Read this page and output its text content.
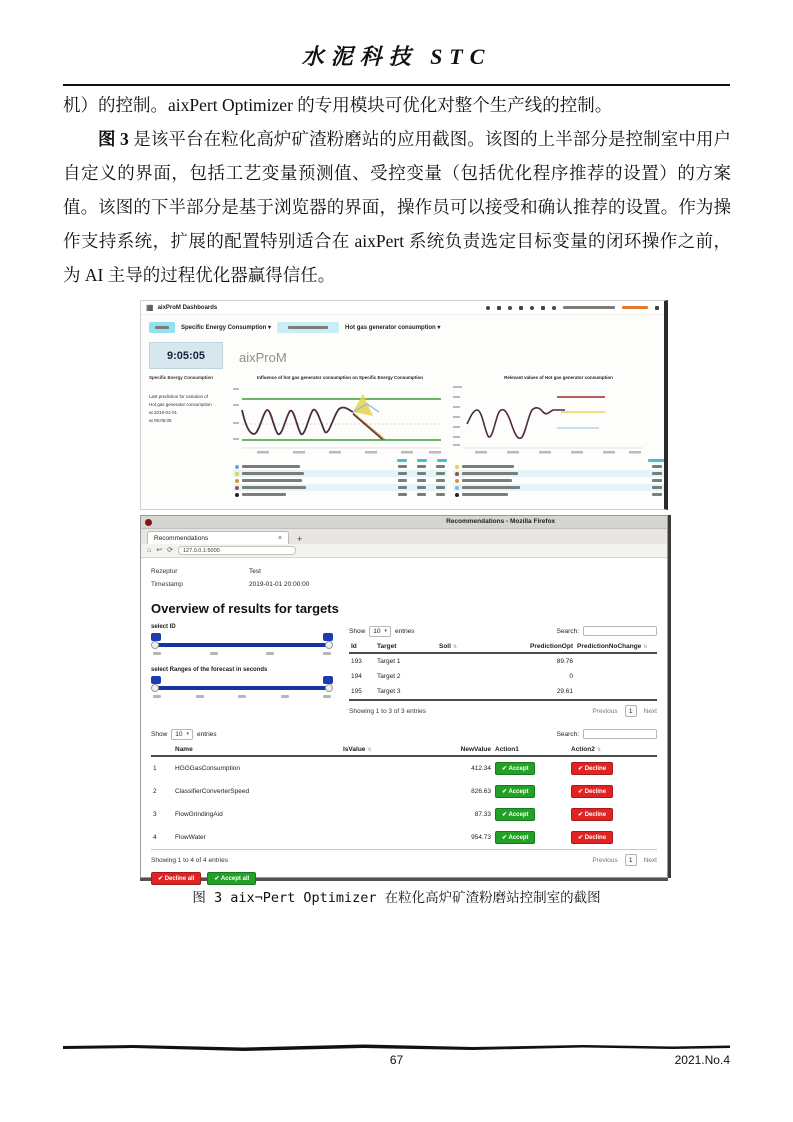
水泥科技 STC

机）的控制。aixPert Optimizer 的专用模块可优化对整个生产线的控制。

图 3 是该平台在粒化高炉矿渣粉磨站的应用截图。该图的上半部分是控制室中用户自定义的界面，包括工艺变量预测值、受控变量（包括优化程序推荐的设置）的方案值。该图的下半部分是基于浏览器的界面，操作员可以接受和确认推荐的设置。作为操作支持系统，扩展的配置特别适合在 aixPert 系统负责选定目标变量的闭环操作之前，为 AI 主导的过程优化器赢得信任。

▦ aixProM Dashboards
Specific Energy Consumption ▾	Hot gas generator consumption ▾
9:05:05	aixProM
Specific Energy Consumption
Last prediction for variation of
Hot gas generator consumption
at 2019-01-01
at 09:05:05
Influence of hot gas generator consumption on Specific Energy Consumption	Relevant values of Hot gas generator consumption
Recommendations - Mozilla Firefox
Recommendations	× +
⌂ ↩ ⟳ 127.0.0.1:5000
Rezeptur	Test
Timestamp	2019-01-01 20:00:00
Overview of results for targets
select ID
select Ranges of the forecast in seconds
Show 10 ▾ entries	Search:
Id	Target	Soll ⇅	PredictionOpt	PredictionNoChange ⇅
193	Target 1		89.76	
194	Target 2		0	
195	Target 3		29.61	
Showing 1 to 3 of 3 entries	Previous	1	Next
Show 10 ▾ entries	Search:
	Name	IsValue ⇅	NewValue	Action1	Action2 ⇅
1	HGGGasConsumption		412.34	✔ Accept	✔ Decline
2	ClassifierConverterSpeed		826.63	✔ Accept	✔ Decline
3	FlowGrindingAid		87.33	✔ Accept	✔ Decline
4	FlowWater		954.73	✔ Accept	✔ Decline
Showing 1 to 4 of 4 entries	Previous	1	Next
✔ Decline all	✔ Accept all
图 3 aix¬Pert Optimizer 在粒化高炉矿渣粉磨站控制室的截图
67	2021.No.4
